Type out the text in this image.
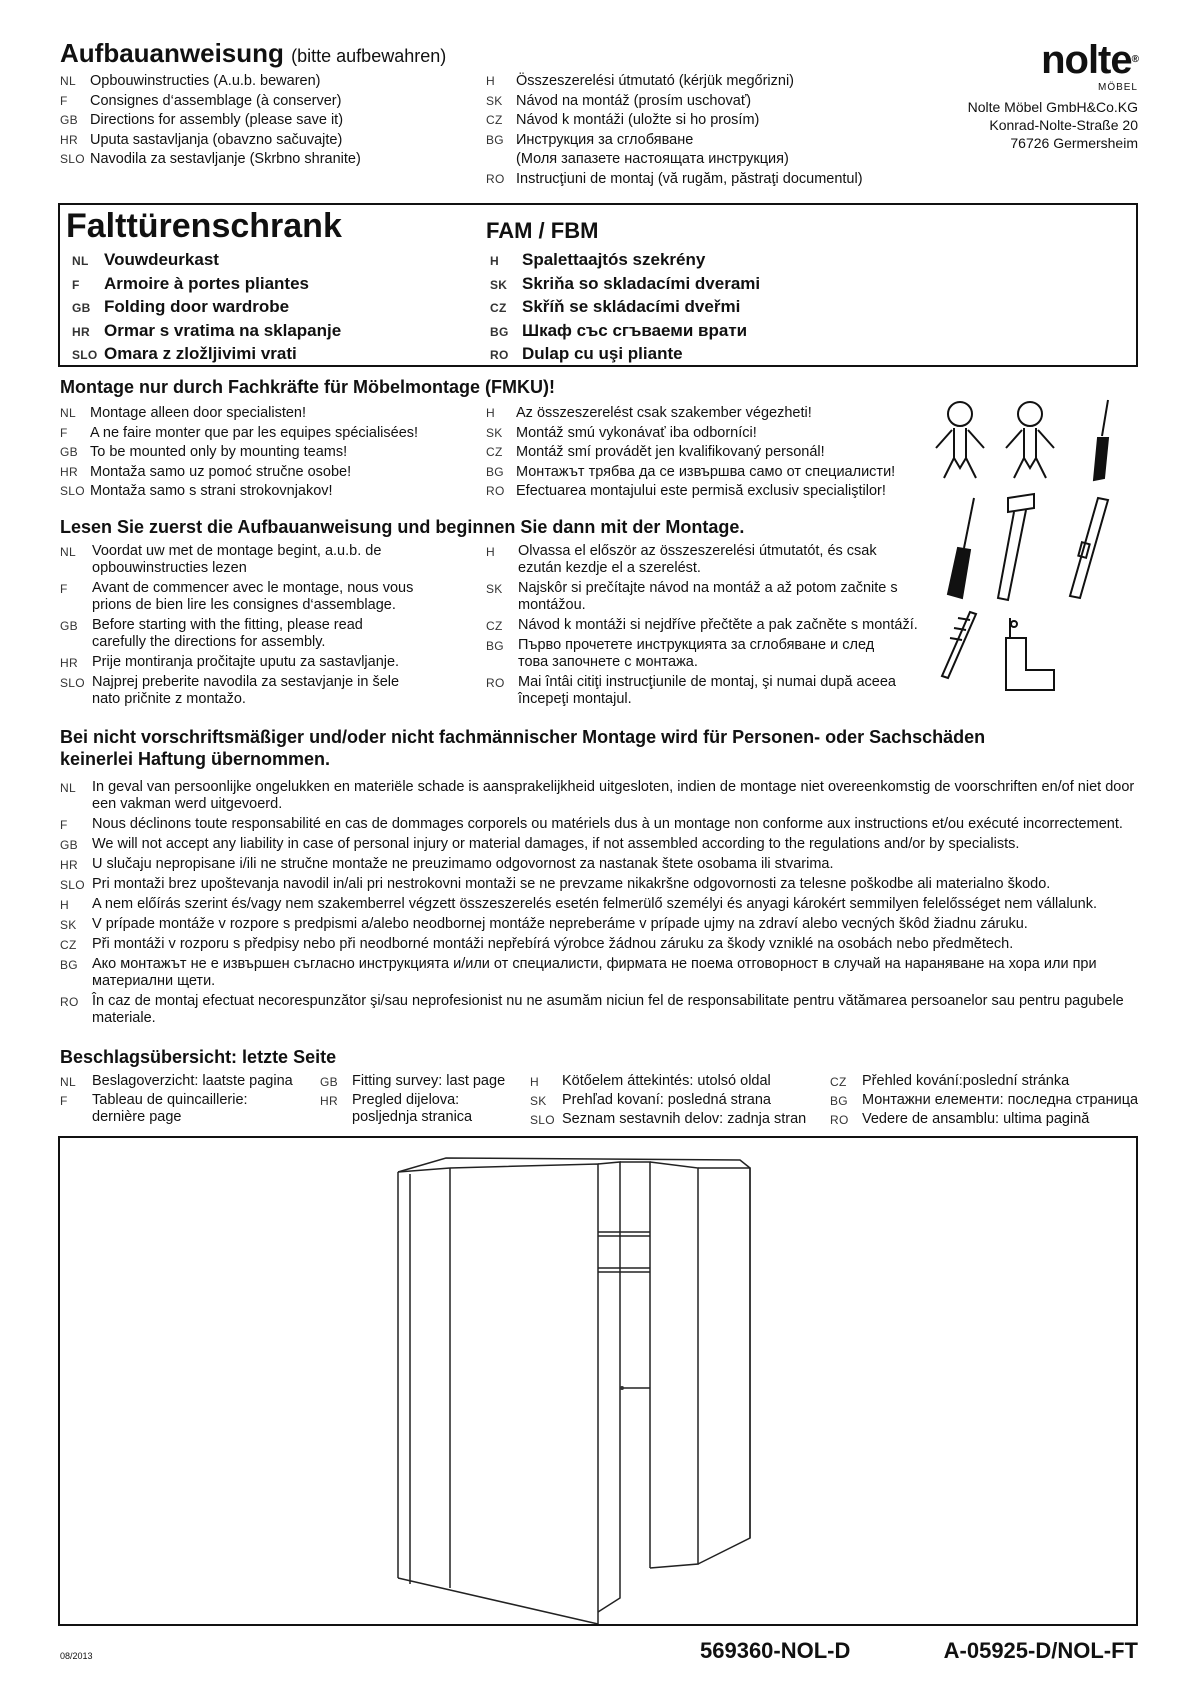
Aufbauanweisung (bitte aufbewahren)
NL Opbouwinstructies (A.u.b. bewaren)
F Consignes d‘assemblage (à conserver)
GB Directions for assembly (please save it)
HR Uputa sastavljanja (obavzno sačuvajte)
SLO Navodila za sestavljanje (Skrbno shranite)
H Összeszerelési útmutató (kérjük megőrizni)
SK Návod na montáž (prosím uschovať)
CZ Návod k montáži (uložte si ho prosím)
BG Инструкция за сглобяване
(Моля запазете настоящата инструкция)
RO Instrucţiuni de montaj (vă rugăm, păstraţi documentul)
nolte®
MÖBEL
Nolte Möbel GmbH&Co.KG
Konrad-Nolte-Straße 20
76726 Germersheim
Falttürenschrank	FAM / FBM
NL Vouwdeurkast
F Armoire à portes pliantes
GB Folding door wardrobe
HR Ormar s vratima na sklapanje
SLO Omara z zložljivimi vrati
H Spalettaajtós szekrény
SK Skriňa so skladacími dverami
CZ Skříň se skládacími dveřmi
BG Шкаф със сгъваеми врати
RO Dulap cu uşi pliante
Montage nur durch Fachkräfte für Möbelmontage (FMKU)!
NL Montage alleen door specialisten!
F A ne faire monter que par les equipes spécialisées!
GB To be mounted only by mounting teams!
HR Montaža samo uz pomoć stručne osobe!
SLO Montaža samo s strani strokovnjakov!
H Az összeszerelést csak szakember végezheti!
SK Montáž smú vykonávať iba odborníci!
CZ Montáž smí provádět jen kvalifikovaný personál!
BG Монтажът трябва да се извършва само от специалисти!
RO Efectuarea montajului este permisă exclusiv specialiştilor!
Lesen Sie zuerst die Aufbauanweisung und beginnen Sie dann mit der Montage.
NL	Voordat uw met de montage begint, a.u.b. de
opbouwinstructies lezen
F	Avant de commencer avec le montage, nous vous
prions de bien lire les consignes d‘assemblage.
GB Before starting with the fitting, please read
carefully the directions for assembly.
HR Prije montiranja pročitajte uputu za sastavljanje.
SLO Najprej preberite navodila za sestavjanje in šele
nato pričnite z montažo.
H	Olvassa el először az összeszerelési útmutatót, és csak
ezután kezdje el a szerelést.
SK	Najskôr si prečítajte návod na montáž a až potom začnite s
montážou.
CZ	Návod k montáži si nejdříve přečtěte a pak začněte s montáží.
BG Първо прочетете инструкцията за сглобяване и след
това започнете с монтажа.
RO Mai întâi citiţi instrucţiunile de montaj, şi numai după aceea
începeţi montajul.
Bei nicht vorschriftsmäßiger und/oder nicht fachmännischer Montage wird für Personen- oder Sachschäden
keinerlei Haftung übernommen.
NL	In geval van persoonlijke ongelukken en materiële schade is aansprakelijkheid uitgesloten, indien de montage niet overeenkomstig de voorschriften en/of niet door
een vakman werd uitgevoerd.
F	Nous déclinons toute responsabilité en cas de dommages corporels ou matériels dus à un montage non conforme aux instructions et/ou exécuté incorrectement.
GB We will not accept any liability in case of personal injury or material damages, if not assembled according to the regulations and/or by specialists.
HR U slučaju nepropisane i/ili ne stručne montaže ne preuzimamo odgovornost za nastanak štete osobama ili stvarima.
SLO Pri montaži brez upoštevanja navodil in/ali pri nestrokovni montaži se ne prevzame nikakršne odgovornosti za telesne poškodbe ali materialno škodo.
H	A nem előírás szerint és/vagy nem szakemberrel végzett összeszerelés esetén felmerülő személyi és anyagi károkért semmilyen felelősséget nem vállalunk.
SK	V prípade montáže v rozpore s predpismi a/alebo neodbornej montáže nepreberáme v prípade ujmy na zdraví alebo vecných škôd žiadnu záruku.
CZ	Při montáži v rozporu s předpisy nebo při neodborné montáži nepřebírá výrobce žádnou záruku za škody vzniklé na osobách nebo předmětech.
BG Ако монтажът не е извършен съгласно инструкцията и/или от специалисти, фирмата не поема отговорност в случай на нараняване на хора или при
материални щети.
RO În caz de montaj efectuat necorespunzător şi/sau neprofesionist nu ne asumăm niciun fel de responsabilitate pentru vătămarea persoanelor sau pentru pagubele
materiale.
Beschlagsübersicht: letzte Seite
NL	Beslagoverzicht: laatste pagina
F	Tableau de quincaillerie:
dernière page
GB Fitting survey: last page
HR Pregled dijelova:
posljednja stranica
H	Kötőelem áttekintés: utolsó oldal
SK	Prehľad kovaní: posledná strana
SLO Seznam sestavnih delov: zadnja stran
CZ	Přehled kování:poslední stránka
BG Монтажни елементи: последна страница
RO Vedere de ansamblu: ultima pagină
08/2013	569360-NOL-D	A-05925-D/NOL-FT
